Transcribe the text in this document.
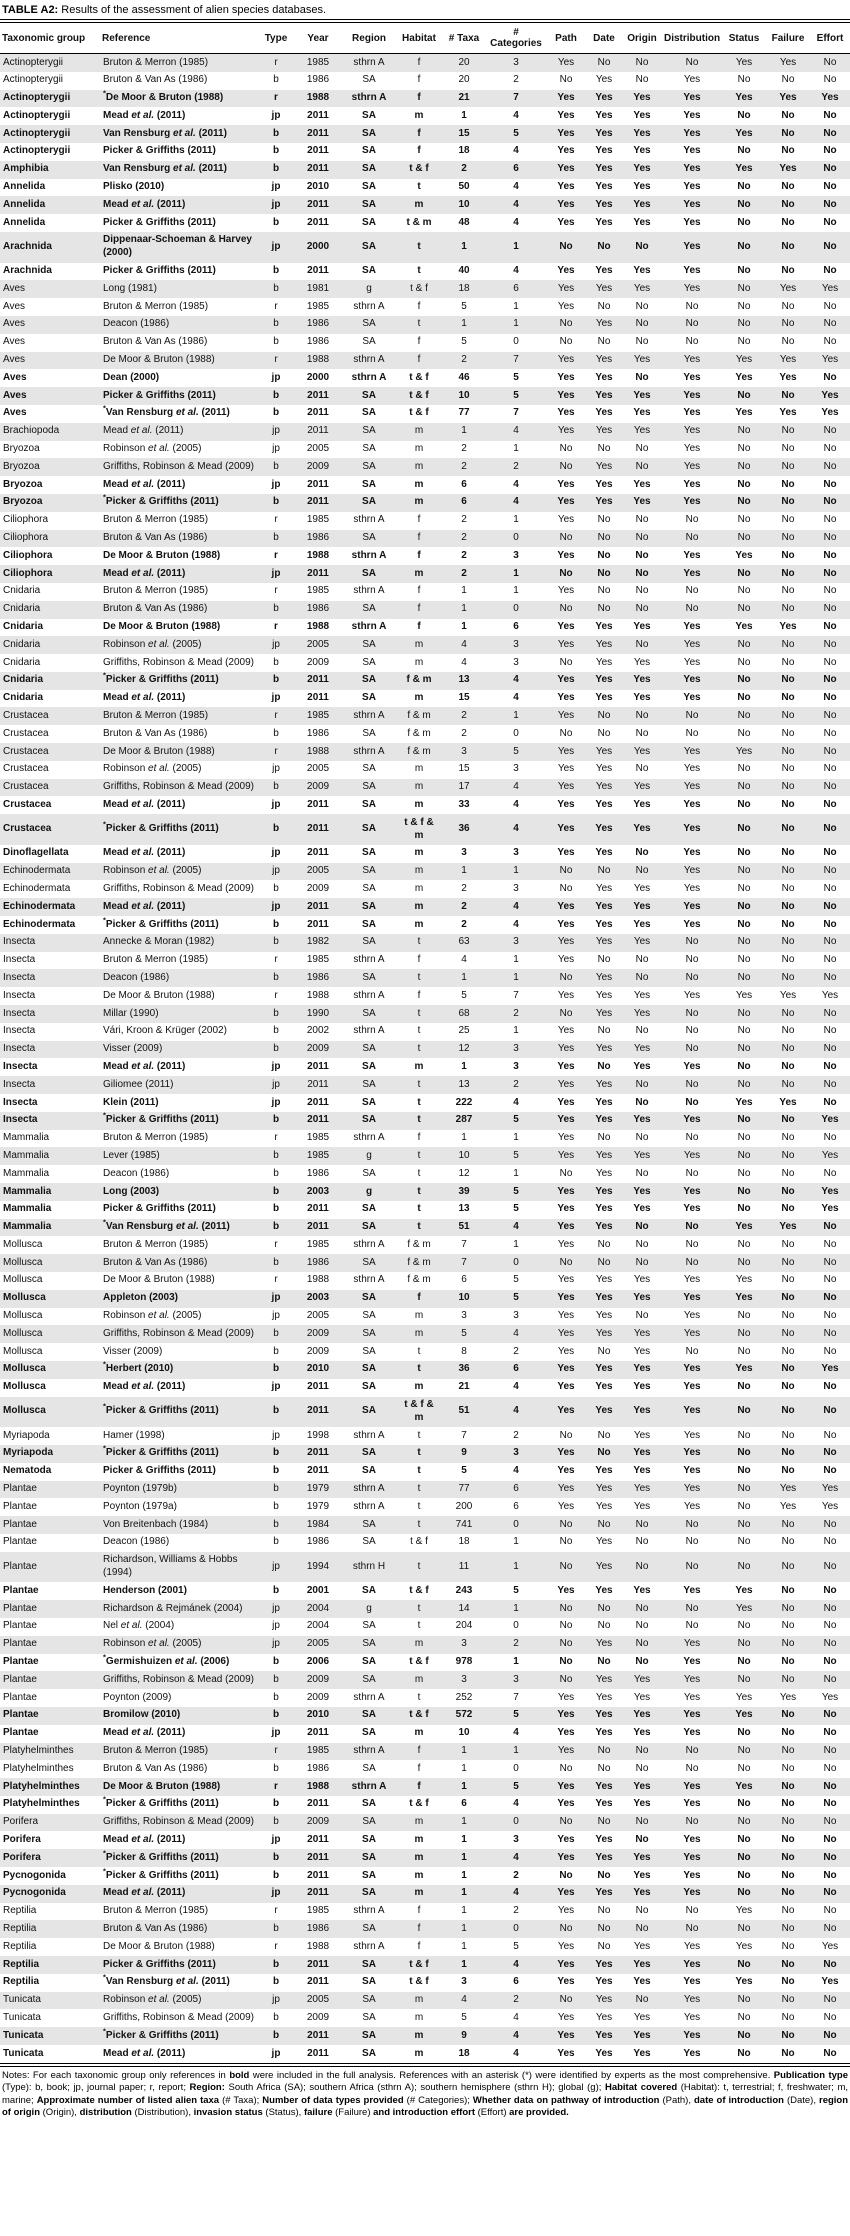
TABLE A2: Results of the assessment of alien species databases.
Taxonomic group	Reference	Type	Year	Region	Habitat	# Taxa	# Categories	Path	Date	Origin	Distribution	Status	Failure	Effort
Actinopterygii	Bruton & Merron (1985)	r	1985	sthrn A	f	20	3	Yes	No	No	No	Yes	Yes	No
Actinopterygii	Bruton & Van As (1986)	b	1986	SA	f	20	2	No	Yes	No	Yes	No	No	No
Actinopterygii	*De Moor & Bruton (1988)	r	1988	sthrn A	f	21	7	Yes	Yes	Yes	Yes	Yes	Yes	Yes
Actinopterygii	Mead et al. (2011)	jp	2011	SA	m	1	4	Yes	Yes	Yes	Yes	No	No	No
Actinopterygii	Van Rensburg et al. (2011)	b	2011	SA	f	15	5	Yes	Yes	Yes	Yes	Yes	No	No
Actinopterygii	Picker & Griffiths (2011)	b	2011	SA	f	18	4	Yes	Yes	Yes	Yes	No	No	No
Amphibia	Van Rensburg et al. (2011)	b	2011	SA	t & f	2	6	Yes	Yes	Yes	Yes	Yes	Yes	No
Annelida	Plisko (2010)	jp	2010	SA	t	50	4	Yes	Yes	Yes	Yes	No	No	No
Annelida	Mead et al. (2011)	jp	2011	SA	m	10	4	Yes	Yes	Yes	Yes	No	No	No
Annelida	Picker & Griffiths (2011)	b	2011	SA	t & m	48	4	Yes	Yes	Yes	Yes	No	No	No
Arachnida	Dippenaar-Schoeman & Harvey (2000)	jp	2000	SA	t	1	1	No	No	No	Yes	No	No	No
Arachnida	Picker & Griffiths (2011)	b	2011	SA	t	40	4	Yes	Yes	Yes	Yes	No	No	No
Aves	Long (1981)	b	1981	g	t & f	18	6	Yes	Yes	Yes	Yes	No	Yes	Yes
Aves	Bruton & Merron (1985)	r	1985	sthrn A	f	5	1	Yes	No	No	No	No	No	No
Aves	Deacon (1986)	b	1986	SA	t	1	1	No	Yes	No	No	No	No	No
Aves	Bruton & Van As (1986)	b	1986	SA	f	5	0	No	No	No	No	No	No	No
Aves	De Moor & Bruton (1988)	r	1988	sthrn A	f	2	7	Yes	Yes	Yes	Yes	Yes	Yes	Yes
Aves	Dean (2000)	jp	2000	sthrn A	t & f	46	5	Yes	Yes	No	Yes	Yes	Yes	No
Aves	Picker & Griffiths (2011)	b	2011	SA	t & f	10	5	Yes	Yes	Yes	Yes	No	No	Yes
Aves	*Van Rensburg et al. (2011)	b	2011	SA	t & f	77	7	Yes	Yes	Yes	Yes	Yes	Yes	Yes
Brachiopoda	Mead et al. (2011)	jp	2011	SA	m	1	4	Yes	Yes	Yes	Yes	No	No	No
Bryozoa	Robinson et al. (2005)	jp	2005	SA	m	2	1	No	No	No	Yes	No	No	No
Bryozoa	Griffiths, Robinson & Mead (2009)	b	2009	SA	m	2	2	No	Yes	No	Yes	No	No	No
Bryozoa	Mead et al. (2011)	jp	2011	SA	m	6	4	Yes	Yes	Yes	Yes	No	No	No
Bryozoa	*Picker & Griffiths (2011)	b	2011	SA	m	6	4	Yes	Yes	Yes	Yes	No	No	No
Ciliophora	Bruton & Merron (1985)	r	1985	sthrn A	f	2	1	Yes	No	No	No	No	No	No
Ciliophora	Bruton & Van As (1986)	b	1986	SA	f	2	0	No	No	No	No	No	No	No
Ciliophora	De Moor & Bruton (1988)	r	1988	sthrn A	f	2	3	Yes	No	No	Yes	Yes	No	No
Ciliophora	Mead et al. (2011)	jp	2011	SA	m	2	1	No	No	No	Yes	No	No	No
Cnidaria	Bruton & Merron (1985)	r	1985	sthrn A	f	1	1	Yes	No	No	No	No	No	No
Cnidaria	Bruton & Van As (1986)	b	1986	SA	f	1	0	No	No	No	No	No	No	No
Cnidaria	De Moor & Bruton (1988)	r	1988	sthrn A	f	1	6	Yes	Yes	Yes	Yes	Yes	Yes	No
Cnidaria	Robinson et al. (2005)	jp	2005	SA	m	4	3	Yes	Yes	No	Yes	No	No	No
Cnidaria	Griffiths, Robinson & Mead (2009)	b	2009	SA	m	4	3	No	Yes	Yes	Yes	No	No	No
Cnidaria	*Picker & Griffiths (2011)	b	2011	SA	f & m	13	4	Yes	Yes	Yes	Yes	No	No	No
Cnidaria	Mead et al. (2011)	jp	2011	SA	m	15	4	Yes	Yes	Yes	Yes	No	No	No
Crustacea	Bruton & Merron (1985)	r	1985	sthrn A	f & m	2	1	Yes	No	No	No	No	No	No
Crustacea	Bruton & Van As (1986)	b	1986	SA	f & m	2	0	No	No	No	No	No	No	No
Crustacea	De Moor & Bruton (1988)	r	1988	sthrn A	f & m	3	5	Yes	Yes	Yes	Yes	Yes	No	No
Crustacea	Robinson et al. (2005)	jp	2005	SA	m	15	3	Yes	Yes	No	Yes	No	No	No
Crustacea	Griffiths, Robinson & Mead (2009)	b	2009	SA	m	17	4	Yes	Yes	Yes	Yes	No	No	No
Crustacea	Mead et al. (2011)	jp	2011	SA	m	33	4	Yes	Yes	Yes	Yes	No	No	No
Crustacea	*Picker & Griffiths (2011)	b	2011	SA	t & f & m	36	4	Yes	Yes	Yes	Yes	No	No	No
Dinoflagellata	Mead et al. (2011)	jp	2011	SA	m	3	3	Yes	Yes	No	Yes	No	No	No
Echinodermata	Robinson et al. (2005)	jp	2005	SA	m	1	1	No	No	No	Yes	No	No	No
Echinodermata	Griffiths, Robinson & Mead (2009)	b	2009	SA	m	2	3	No	Yes	Yes	Yes	No	No	No
Echinodermata	Mead et al. (2011)	jp	2011	SA	m	2	4	Yes	Yes	Yes	Yes	No	No	No
Echinodermata	*Picker & Griffiths (2011)	b	2011	SA	m	2	4	Yes	Yes	Yes	Yes	No	No	No
Insecta	Annecke & Moran (1982)	b	1982	SA	t	63	3	Yes	Yes	Yes	No	No	No	No
Insecta	Bruton & Merron (1985)	r	1985	sthrn A	f	4	1	Yes	No	No	No	No	No	No
Insecta	Deacon (1986)	b	1986	SA	t	1	1	No	Yes	No	No	No	No	No
Insecta	De Moor & Bruton (1988)	r	1988	sthrn A	f	5	7	Yes	Yes	Yes	Yes	Yes	Yes	Yes
Insecta	Millar (1990)	b	1990	SA	t	68	2	No	Yes	Yes	No	No	No	No
Insecta	Vári, Kroon & Krüger (2002)	b	2002	sthrn A	t	25	1	Yes	No	No	No	No	No	No
Insecta	Visser (2009)	b	2009	SA	t	12	3	Yes	Yes	Yes	No	No	No	No
Insecta	Mead et al. (2011)	jp	2011	SA	m	1	3	Yes	No	Yes	Yes	No	No	No
Insecta	Giliomee (2011)	jp	2011	SA	t	13	2	Yes	Yes	No	No	No	No	No
Insecta	Klein (2011)	jp	2011	SA	t	222	4	Yes	Yes	No	No	Yes	Yes	No
Insecta	*Picker & Griffiths (2011)	b	2011	SA	t	287	5	Yes	Yes	Yes	Yes	No	No	Yes
Mammalia	Bruton & Merron (1985)	r	1985	sthrn A	f	1	1	Yes	No	No	No	No	No	No
Mammalia	Lever (1985)	b	1985	g	t	10	5	Yes	Yes	Yes	Yes	No	No	Yes
Mammalia	Deacon (1986)	b	1986	SA	t	12	1	No	Yes	No	No	No	No	No
Mammalia	Long (2003)	b	2003	g	t	39	5	Yes	Yes	Yes	Yes	No	No	Yes
Mammalia	Picker & Griffiths (2011)	b	2011	SA	t	13	5	Yes	Yes	Yes	Yes	No	No	Yes
Mammalia	*Van Rensburg et al. (2011)	b	2011	SA	t	51	4	Yes	Yes	No	No	Yes	Yes	No
Mollusca	Bruton & Merron (1985)	r	1985	sthrn A	f & m	7	1	Yes	No	No	No	No	No	No
Mollusca	Bruton & Van As (1986)	b	1986	SA	f & m	7	0	No	No	No	No	No	No	No
Mollusca	De Moor & Bruton (1988)	r	1988	sthrn A	f & m	6	5	Yes	Yes	Yes	Yes	Yes	No	No
Mollusca	Appleton (2003)	jp	2003	SA	f	10	5	Yes	Yes	Yes	Yes	Yes	No	No
Mollusca	Robinson et al. (2005)	jp	2005	SA	m	3	3	Yes	Yes	No	Yes	No	No	No
Mollusca	Griffiths, Robinson & Mead (2009)	b	2009	SA	m	5	4	Yes	Yes	Yes	Yes	No	No	No
Mollusca	Visser (2009)	b	2009	SA	t	8	2	Yes	No	Yes	No	No	No	No
Mollusca	*Herbert (2010)	b	2010	SA	t	36	6	Yes	Yes	Yes	Yes	Yes	No	Yes
Mollusca	Mead et al. (2011)	jp	2011	SA	m	21	4	Yes	Yes	Yes	Yes	No	No	No
Mollusca	*Picker & Griffiths (2011)	b	2011	SA	t & f & m	51	4	Yes	Yes	Yes	Yes	No	No	No
Myriapoda	Hamer (1998)	jp	1998	sthrn A	t	7	2	No	No	Yes	Yes	No	No	No
Myriapoda	*Picker & Griffiths (2011)	b	2011	SA	t	9	3	Yes	No	Yes	Yes	No	No	No
Nematoda	Picker & Griffiths (2011)	b	2011	SA	t	5	4	Yes	Yes	Yes	Yes	No	No	No
Plantae	Poynton (1979b)	b	1979	sthrn A	t	77	6	Yes	Yes	Yes	Yes	No	Yes	Yes
Plantae	Poynton (1979a)	b	1979	sthrn A	t	200	6	Yes	Yes	Yes	Yes	No	Yes	Yes
Plantae	Von Breitenbach (1984)	b	1984	SA	t	741	0	No	No	No	No	No	No	No
Plantae	Deacon (1986)	b	1986	SA	t & f	18	1	No	Yes	No	No	No	No	No
Plantae	Richardson, Williams & Hobbs (1994)	jp	1994	sthrn H	t	11	1	No	Yes	No	No	No	No	No
Plantae	Henderson (2001)	b	2001	SA	t & f	243	5	Yes	Yes	Yes	Yes	Yes	No	No
Plantae	Richardson & Rejmánek (2004)	jp	2004	g	t	14	1	No	No	No	No	Yes	No	No
Plantae	Nel et al. (2004)	jp	2004	SA	t	204	0	No	No	No	No	No	No	No
Plantae	Robinson et al. (2005)	jp	2005	SA	m	3	2	No	Yes	No	Yes	No	No	No
Plantae	*Germishuizen et al. (2006)	b	2006	SA	t & f	978	1	No	No	No	Yes	No	No	No
Plantae	Griffiths, Robinson & Mead (2009)	b	2009	SA	m	3	3	No	Yes	Yes	Yes	No	No	No
Plantae	Poynton (2009)	b	2009	sthrn A	t	252	7	Yes	Yes	Yes	Yes	Yes	Yes	Yes
Plantae	Bromilow (2010)	b	2010	SA	t & f	572	5	Yes	Yes	Yes	Yes	Yes	No	No
Plantae	Mead et al. (2011)	jp	2011	SA	m	10	4	Yes	Yes	Yes	Yes	No	No	No
Platyhelminthes	Bruton & Merron (1985)	r	1985	sthrn A	f	1	1	Yes	No	No	No	No	No	No
Platyhelminthes	Bruton & Van As (1986)	b	1986	SA	f	1	0	No	No	No	No	No	No	No
Platyhelminthes	De Moor & Bruton (1988)	r	1988	sthrn A	f	1	5	Yes	Yes	Yes	Yes	Yes	No	No
Platyhelminthes	*Picker & Griffiths (2011)	b	2011	SA	t & f	6	4	Yes	Yes	Yes	Yes	No	No	No
Porifera	Griffiths, Robinson & Mead (2009)	b	2009	SA	m	1	0	No	No	No	No	No	No	No
Porifera	Mead et al. (2011)	jp	2011	SA	m	1	3	Yes	Yes	No	Yes	No	No	No
Porifera	*Picker & Griffiths (2011)	b	2011	SA	m	1	4	Yes	Yes	Yes	Yes	No	No	No
Pycnogonida	*Picker & Griffiths (2011)	b	2011	SA	m	1	2	No	No	Yes	Yes	No	No	No
Pycnogonida	Mead et al. (2011)	jp	2011	SA	m	1	4	Yes	Yes	Yes	Yes	No	No	No
Reptilia	Bruton & Merron (1985)	r	1985	sthrn A	f	1	2	Yes	No	No	No	Yes	No	No
Reptilia	Bruton & Van As (1986)	b	1986	SA	f	1	0	No	No	No	No	No	No	No
Reptilia	De Moor & Bruton (1988)	r	1988	sthrn A	f	1	5	Yes	No	Yes	Yes	Yes	No	Yes
Reptilia	Picker & Griffiths (2011)	b	2011	SA	t & f	1	4	Yes	Yes	Yes	Yes	No	No	No
Reptilia	*Van Rensburg et al. (2011)	b	2011	SA	t & f	3	6	Yes	Yes	Yes	Yes	Yes	No	Yes
Tunicata	Robinson et al. (2005)	jp	2005	SA	m	4	2	No	Yes	No	Yes	No	No	No
Tunicata	Griffiths, Robinson & Mead (2009)	b	2009	SA	m	5	4	Yes	Yes	Yes	Yes	No	No	No
Tunicata	*Picker & Griffiths (2011)	b	2011	SA	m	9	4	Yes	Yes	Yes	Yes	No	No	No
Tunicata	Mead et al. (2011)	jp	2011	SA	m	18	4	Yes	Yes	Yes	Yes	No	No	No

Notes: For each taxonomic group only references in bold were included in the full analysis. References with an asterisk (*) were identified by experts as the most comprehensive. Publication type (Type): b, book; jp, journal paper; r, report; Region: South Africa (SA); southern Africa (sthrn A); southern hemisphere (sthrn H); global (g); Habitat covered (Habitat): t, terrestrial; f, freshwater; m, marine; Approximate number of listed alien taxa (# Taxa); Number of data types provided (# Categories); Whether data on pathway of introduction (Path), date of introduction (Date), region of origin (Origin), distribution (Distribution), invasion status (Status), failure (Failure) and introduction effort (Effort) are provided.
